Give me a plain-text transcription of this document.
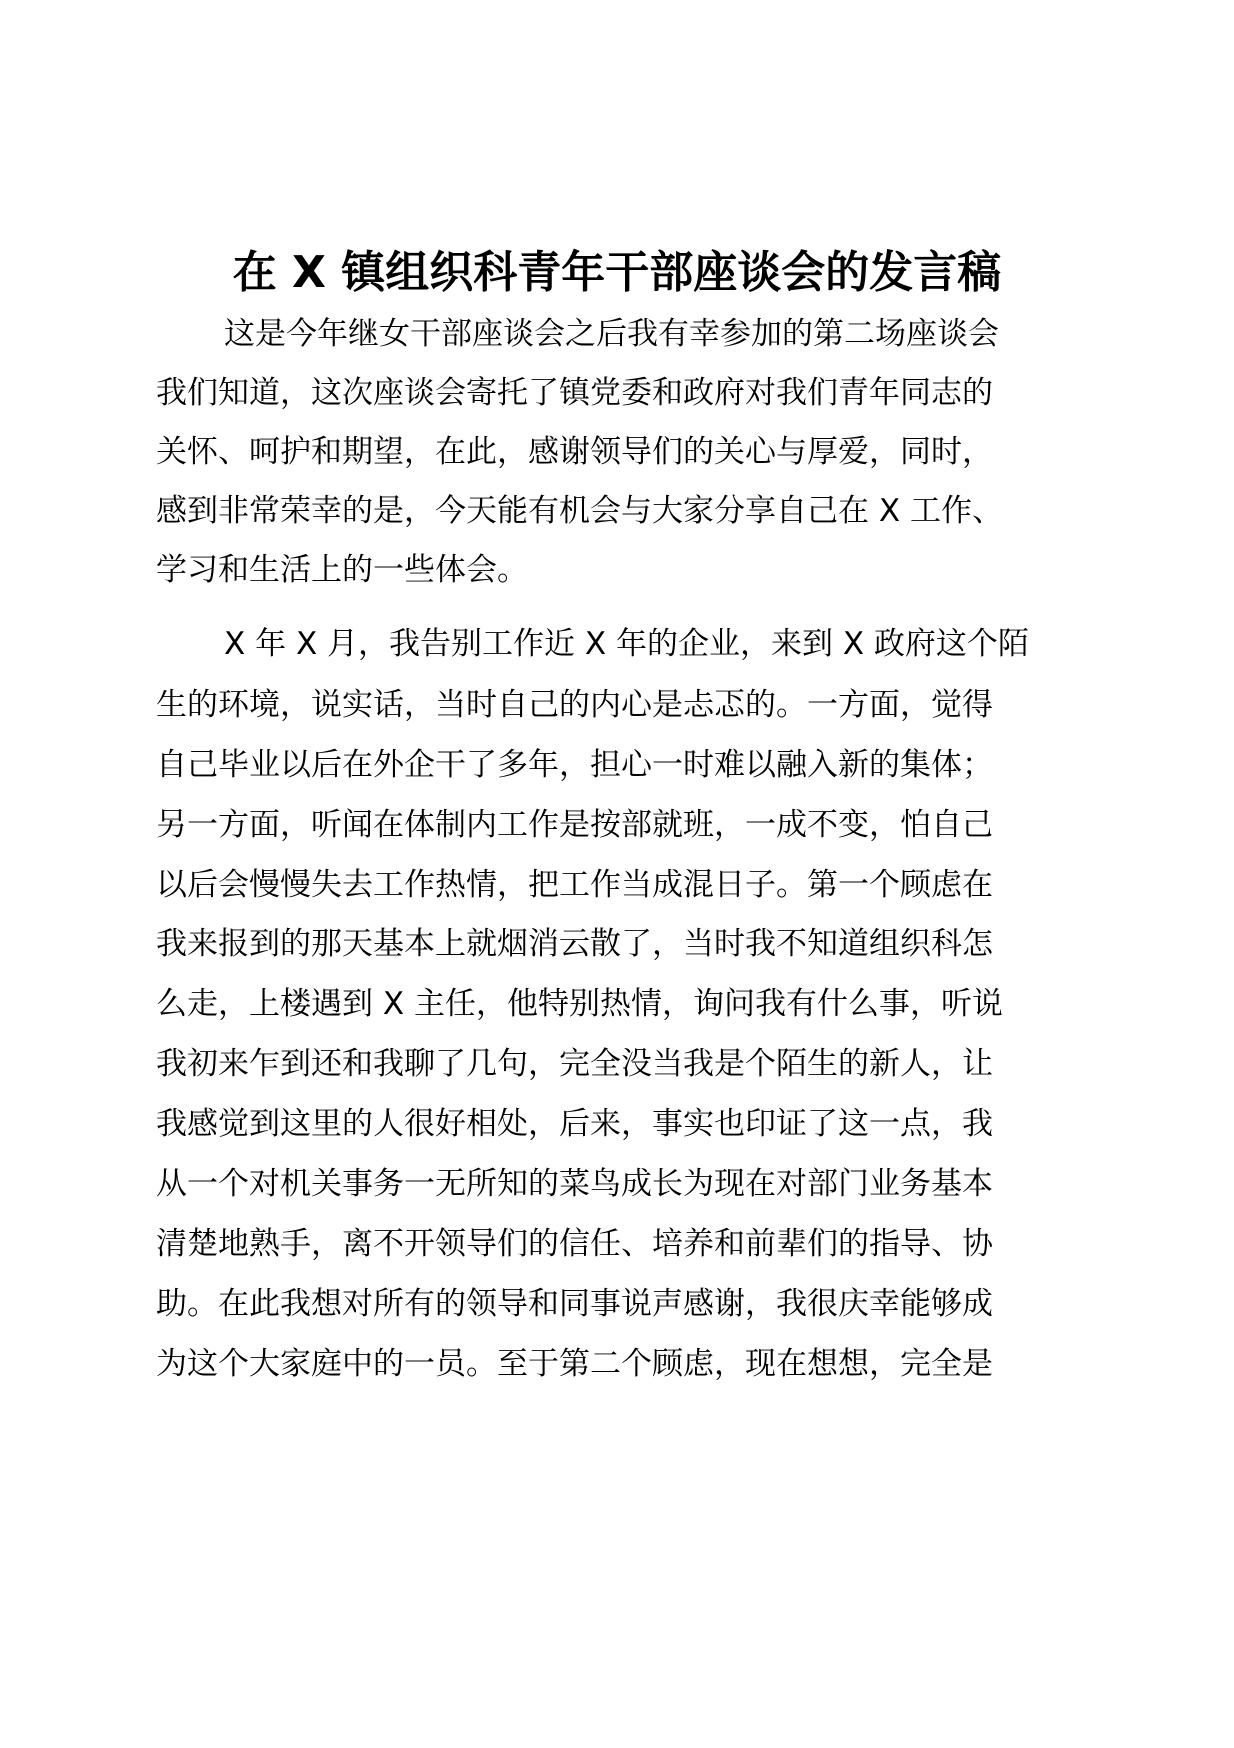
在 X 镇组织科青年干部座谈会的发言稿
这是今年继女干部座谈会之后我有幸参加的第二场座谈会
我们知道，这次座谈会寄托了镇党委和政府对我们青年同志的
关怀、呵护和期望，在此，感谢领导们的关心与厚爱，同时，
感到非常荣幸的是，今天能有机会与大家分享自己在 X 工作、
学习和生活上的一些体会。
X 年 X 月，我告别工作近 X 年的企业，来到 X 政府这个陌
生的环境，说实话，当时自己的内心是忐忑的。一方面，觉得
自己毕业以后在外企干了多年，担心一时难以融入新的集体；
另一方面，听闻在体制内工作是按部就班，一成不变，怕自己
以后会慢慢失去工作热情，把工作当成混日子。第一个顾虑在
我来报到的那天基本上就烟消云散了，当时我不知道组织科怎
么走，上楼遇到 X 主任，他特别热情，询问我有什么事，听说
我初来乍到还和我聊了几句，完全没当我是个陌生的新人，让
我感觉到这里的人很好相处，后来，事实也印证了这一点，我
从一个对机关事务一无所知的菜鸟成长为现在对部门业务基本
清楚地熟手，离不开领导们的信任、培养和前辈们的指导、协
助。在此我想对所有的领导和同事说声感谢，我很庆幸能够成
为这个大家庭中的一员。至于第二个顾虑，现在想想，完全是
